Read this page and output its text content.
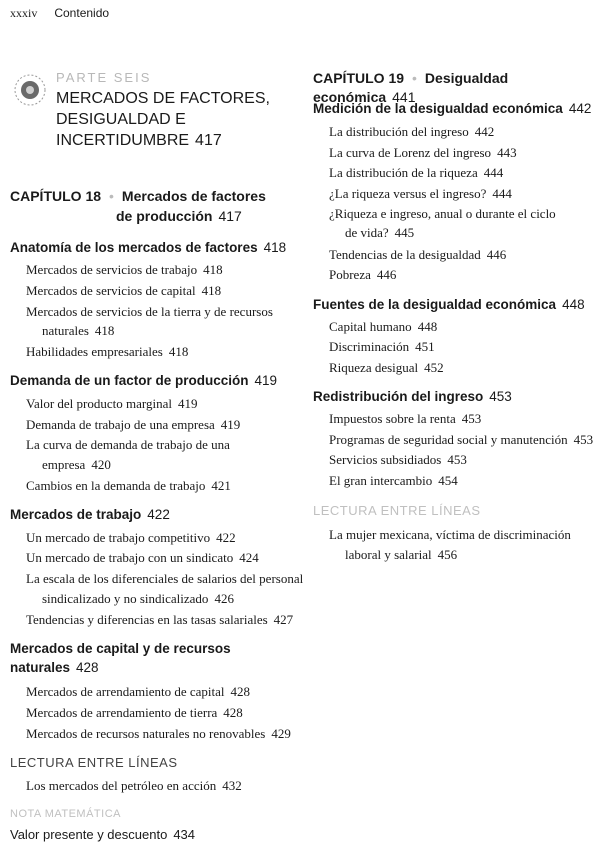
xxxiv Contenido
PARTE SEIS
MERCADOS DE FACTORES,
DESIGUALDAD E
INCERTIDUMBRE 417
CAPÍTULO 18 • Mercados de factores
de producción 417
Anatomía de los mercados de factores 418
Mercados de servicios de trabajo 418
Mercados de servicios de capital 418
Mercados de servicios de la tierra y de recursos
naturales 418
Habilidades empresariales 418
Demanda de un factor de producción 419
Valor del producto marginal 419
Demanda de trabajo de una empresa 419
La curva de demanda de trabajo de una
empresa 420
Cambios en la demanda de trabajo 421
Mercados de trabajo 422
Un mercado de trabajo competitivo 422
Un mercado de trabajo con un sindicato 424
La escala de los diferenciales de salarios del personal
sindicalizado y no sindicalizado 426
Tendencias y diferencias en las tasas salariales 427
Mercados de capital y de recursos
naturales 428
Mercados de arrendamiento de capital 428
Mercados de arrendamiento de tierra 428
Mercados de recursos naturales no renovables 429
LECTURA ENTRE LÍNEAS
Los mercados del petróleo en acción 432
NOTA MATEMÁTICA
Valor presente y descuento 434
CAPÍTULO 19 • Desigualdad económica 441
Medición de la desigualdad económica 442
La distribución del ingreso 442
La curva de Lorenz del ingreso 443
La distribución de la riqueza 444
¿La riqueza versus el ingreso? 444
¿Riqueza e ingreso, anual o durante el ciclo
de vida? 445
Tendencias de la desigualdad 446
Pobreza 446
Fuentes de la desigualdad económica 448
Capital humano 448
Discriminación 451
Riqueza desigual 452
Redistribución del ingreso 453
Impuestos sobre la renta 453
Programas de seguridad social y manutención 453
Servicios subsidiados 453
El gran intercambio 454
LECTURA ENTRE LÍNEAS
La mujer mexicana, víctima de discriminación
laboral y salarial 456
